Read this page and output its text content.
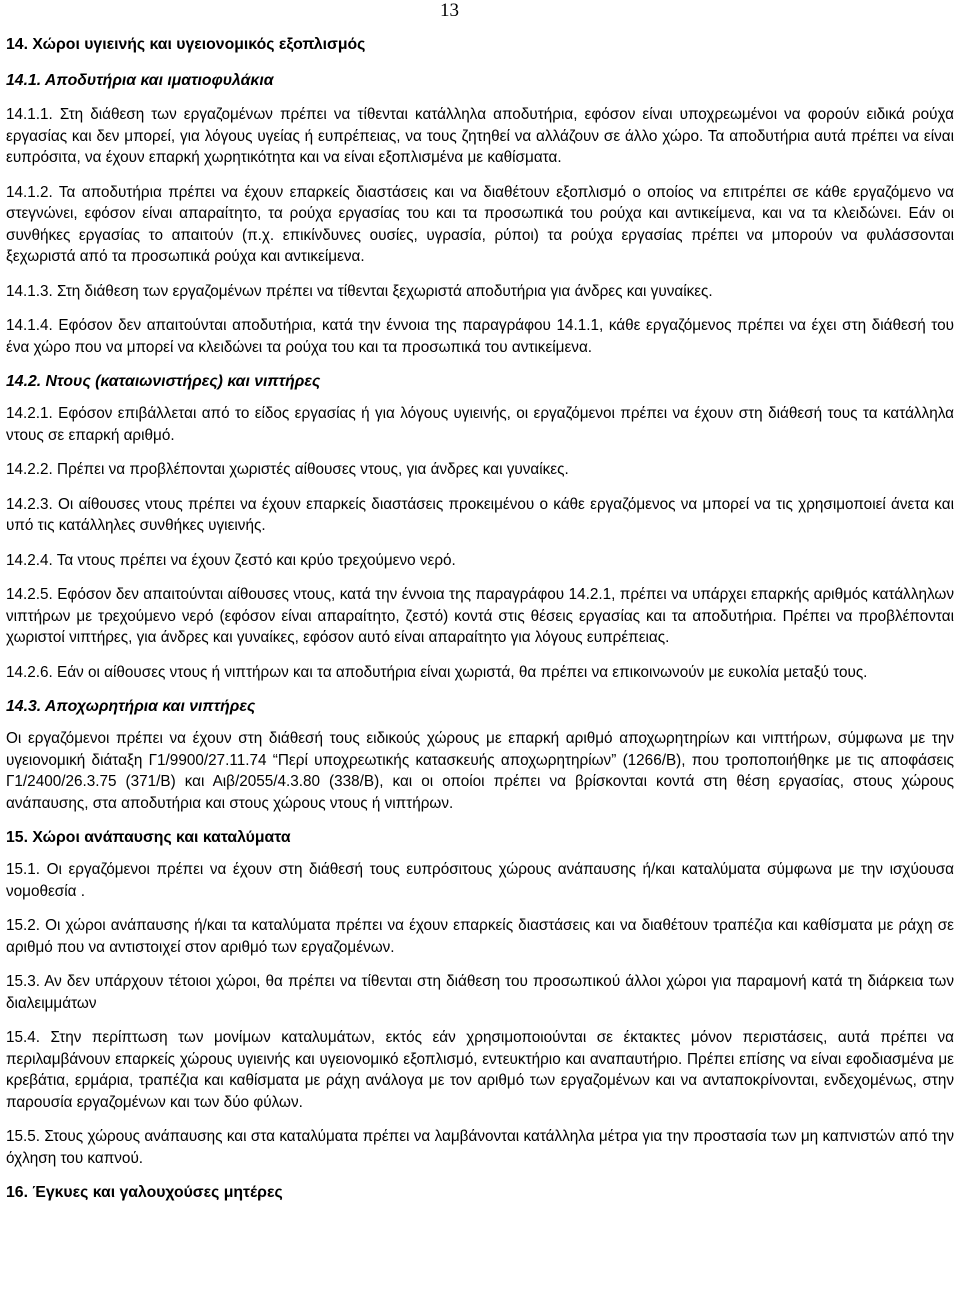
13
14. Χώροι υγιεινής και υγειονομικός εξοπλισμός
14.1. Αποδυτήρια και ιματιοφυλάκια
14.1.1. Στη διάθεση των εργαζομένων πρέπει να τίθενται κατάλληλα αποδυτήρια, εφόσον είναι υποχρεωμένοι να φορούν ειδικά ρούχα εργασίας και δεν μπορεί, για λόγους υγείας ή ευπρέπειας, να τους ζητηθεί να αλλάζουν σε άλλο χώρο. Τα αποδυτήρια αυτά πρέπει να είναι ευπρόσιτα, να έχουν επαρκή χωρητικότητα και να είναι εξοπλισμένα με καθίσματα.
14.1.2. Τα αποδυτήρια πρέπει να έχουν επαρκείς διαστάσεις και να διαθέτουν εξοπλισμό ο οποίος να επιτρέπει σε κάθε εργαζόμενο να στεγνώνει, εφόσον είναι απαραίτητο, τα ρούχα εργασίας του και τα προσωπικά του ρούχα και αντικείμενα, και να τα κλειδώνει. Εάν οι συνθήκες εργασίας το απαιτούν (π.χ. επικίνδυνες ουσίες, υγρασία, ρύποι) τα ρούχα εργασίας πρέπει να μπορούν να φυλάσσονται ξεχωριστά από τα προσωπικά ρούχα και αντικείμενα.
14.1.3. Στη διάθεση των εργαζομένων πρέπει να τίθενται ξεχωριστά αποδυτήρια για άνδρες και γυναίκες.
14.1.4. Εφόσον δεν απαιτούνται αποδυτήρια, κατά την έννοια της παραγράφου 14.1.1, κάθε εργαζόμενος πρέπει να έχει στη διάθεσή του ένα χώρο που να μπορεί να κλειδώνει τα ρούχα του και τα προσωπικά του αντικείμενα.
14.2. Ντους (καταιωνιστήρες) και νιπτήρες
14.2.1. Εφόσον επιβάλλεται από το είδος εργασίας ή για λόγους υγιεινής, οι εργαζόμενοι πρέπει να έχουν στη διάθεσή τους τα κατάλληλα ντους σε επαρκή αριθμό.
14.2.2. Πρέπει να προβλέπονται χωριστές αίθουσες ντους, για άνδρες και γυναίκες.
14.2.3. Οι αίθουσες ντους πρέπει να έχουν επαρκείς διαστάσεις προκειμένου ο κάθε εργαζόμενος να μπορεί να τις χρησιμοποιεί άνετα και υπό τις κατάλληλες συνθήκες υγιεινής.
14.2.4. Τα ντους πρέπει να έχουν ζεστό και κρύο τρεχούμενο νερό.
14.2.5. Εφόσον δεν απαιτούνται αίθουσες ντους, κατά την έννοια της παραγράφου 14.2.1, πρέπει να υπάρχει επαρκής αριθμός κατάλληλων νιπτήρων με τρεχούμενο νερό (εφόσον είναι απαραίτητο, ζεστό) κοντά στις θέσεις εργασίας και τα αποδυτήρια. Πρέπει να προβλέπονται χωριστοί νιπτήρες, για άνδρες και γυναίκες, εφόσον αυτό είναι απαραίτητο για λόγους ευπρέπειας.
14.2.6. Εάν οι αίθουσες ντους ή νιπτήρων και τα αποδυτήρια είναι χωριστά, θα πρέπει να επικοινωνούν με ευκολία μεταξύ τους.
14.3. Αποχωρητήρια και νιπτήρες
Οι εργαζόμενοι πρέπει να έχουν στη διάθεσή τους ειδικούς χώρους με επαρκή αριθμό αποχωρητηρίων και νιπτήρων, σύμφωνα με την υγειονομική διάταξη Γ1/9900/27.11.74 “Περί υποχρεωτικής κατασκευής αποχωρητηρίων” (1266/Β), που τροποποιήθηκε με τις αποφάσεις Γ1/2400/26.3.75 (371/Β) και Αιβ/2055/4.3.80 (338/Β), και οι οποίοι πρέπει να βρίσκονται κοντά στη θέση εργασίας, στους χώρους ανάπαυσης, στα αποδυτήρια και στους χώρους ντους ή νιπτήρων.
15. Χώροι ανάπαυσης και καταλύματα
15.1. Οι εργαζόμενοι πρέπει να έχουν στη διάθεσή τους ευπρόσιτους χώρους ανάπαυσης ή/και καταλύματα σύμφωνα με την ισχύουσα νομοθεσία .
15.2. Οι χώροι ανάπαυσης ή/και τα καταλύματα πρέπει να έχουν επαρκείς διαστάσεις και να διαθέτουν τραπέζια και καθίσματα με ράχη σε αριθμό που να αντιστοιχεί στον αριθμό των εργαζομένων.
15.3. Αν δεν υπάρχουν τέτοιοι χώροι, θα πρέπει να τίθενται στη διάθεση του προσωπικού άλλοι χώροι για παραμονή κατά τη διάρκεια των διαλειμμάτων
15.4. Στην περίπτωση των μονίμων καταλυμάτων, εκτός εάν χρησιμοποιούνται σε έκτακτες μόνον περιστάσεις, αυτά πρέπει να περιλαμβάνουν επαρκείς χώρους υγιεινής και υγειονομικό εξοπλισμό, εντευκτήριο και αναπαυτήριο. Πρέπει επίσης να είναι εφοδιασμένα με κρεβάτια, ερμάρια, τραπέζια και καθίσματα με ράχη ανάλογα με τον αριθμό των εργαζομένων και να ανταποκρίνονται, ενδεχομένως, στην παρουσία εργαζομένων και των δύο φύλων.
15.5. Στους χώρους ανάπαυσης και στα καταλύματα πρέπει να λαμβάνονται κατάλληλα μέτρα για την προστασία των μη καπνιστών από την όχληση του καπνού.
16. Έγκυες και γαλουχούσες μητέρες
